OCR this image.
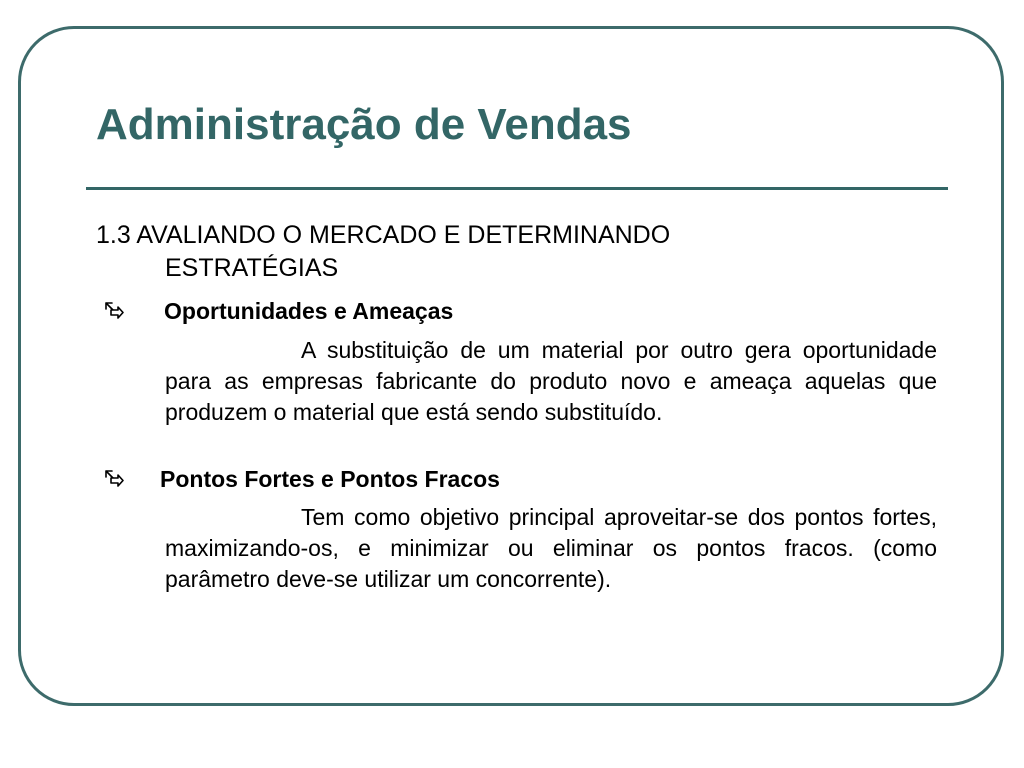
Administração de Vendas
1.3 AVALIANDO O MERCADO E DETERMINANDO
ESTRATÉGIAS
Oportunidades e Ameaças

A substituição de um material por outro gera oportunidade para as empresas fabricante do produto novo e ameaça aquelas que produzem o material que está sendo substituído.

Pontos Fortes e Pontos Fracos

Tem como objetivo principal aproveitar-se dos pontos fortes, maximizando-os, e minimizar ou eliminar os pontos fracos. (como parâmetro deve-se utilizar um concorrente).
